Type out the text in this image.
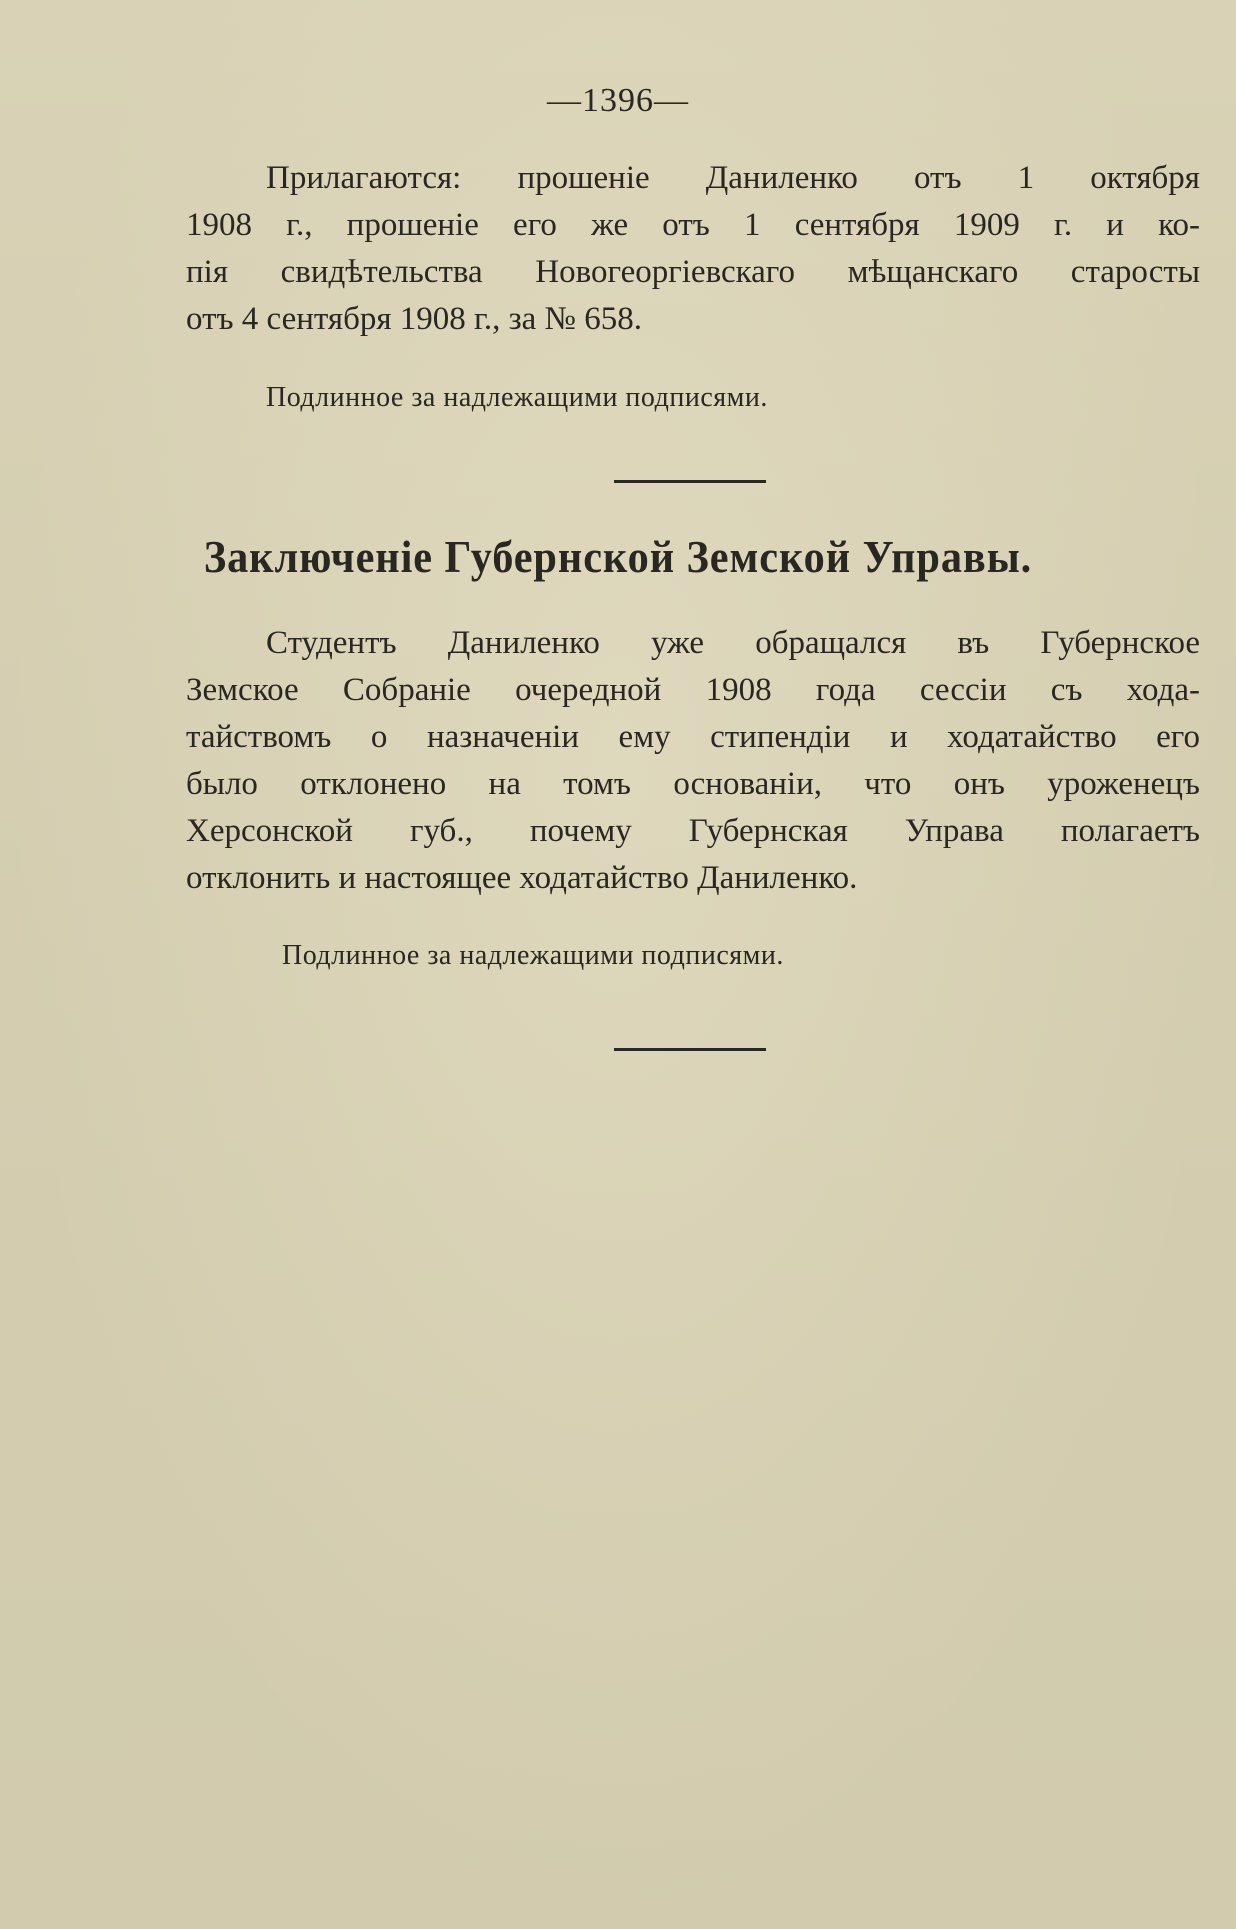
—1396—
Прилагаются: прошеніе Даниленко отъ 1 октября
1908 г., прошеніе его же отъ 1 сентября 1909 г. и ко-
пія свидѣтельства Новогеоргіевскаго мѣщанскаго старосты
отъ 4 сентября 1908 г., за № 658.
Подлинное за надлежащими подписями.
Заключеніе Губернской Земской Управы.
Студентъ Даниленко уже обращался въ Губернское
Земское Собраніе очередной 1908 года сессіи съ хода-
тайствомъ о назначеніи ему стипендіи и ходатайство его
было отклонено на томъ основаніи, что онъ уроженецъ
Херсонской губ., почему Губернская Управа полагаетъ
отклонить и настоящее ходатайство Даниленко.
Подлинное за надлежащими подписями.
